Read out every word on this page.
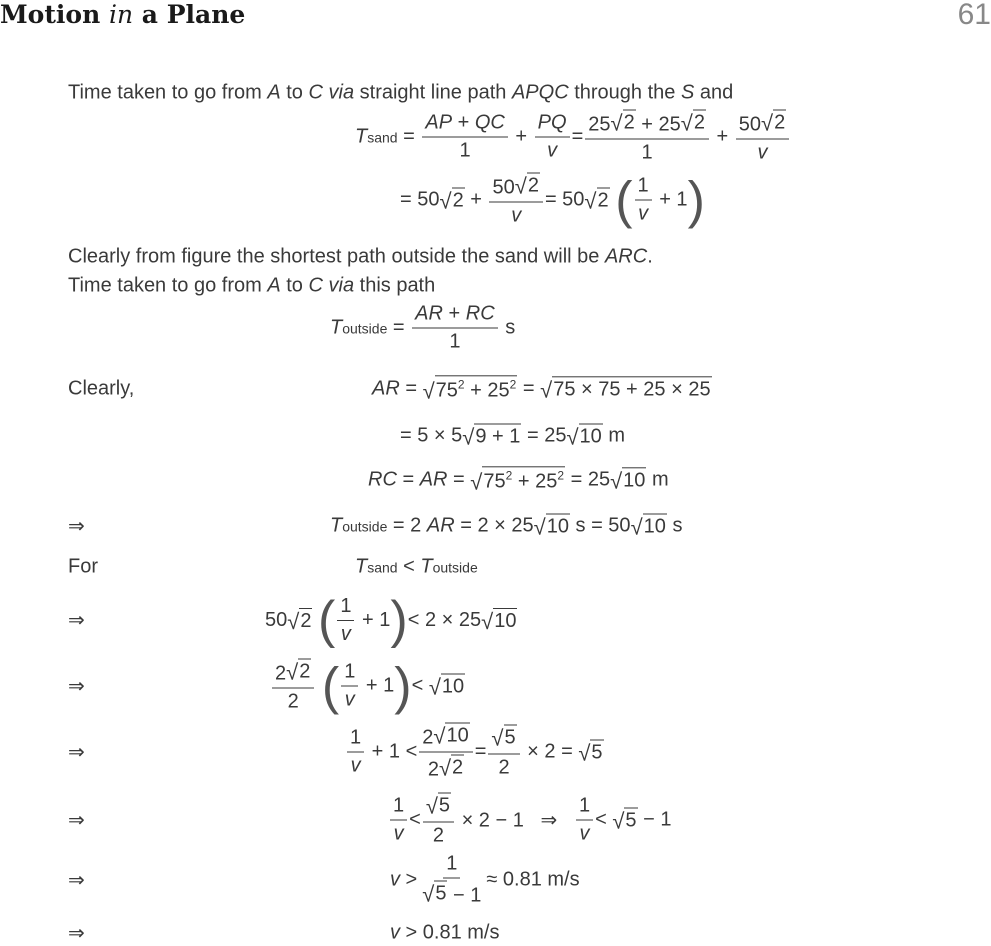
Motion in a Plane	61
Time taken to go from A to C
via straight line path APQC through the S and
T sand = $\frac{AP + QC}{1} + \frac{PQ}{v} = \frac{25 √ 2 + 25 √ 2}{1} + \frac{50 √ 2}{v}$
= 50 √ $2 + \frac{50 √ 2}{v} = 50$ √ 2
( $\frac{1}{v} + 1$ )
Clearly from figure the shortest path outside the sand will be ARC .
Time taken to go from A to C
via this path
T outside = $\frac{AR + RC}{1}$ s
Clearly,	AR = √ $75^2 + 25^2$ = √ 75 × 75 + 25 × 25
= 5 × 5 √ 9 + 1 = 25 √ 10 m
RC = AR = √ $75^2 + 25^2 = 25$ √ 10 m
⇒	T outside = 2 AR = 2 × 25 √ 10 s = 50 √ 10 s
For	T sand < T outside
⇒	50 √ 2
( $\frac{1}{v} + 1$ ) < 2 × 25 √ 10
⇒	$\frac{2 √ 2}{2}$
( $\frac{1}{v} + 1$ ) < √ 10
⇒	$\frac{1}{v} + 1 < \frac{2 √ 10}{2 √ 2} = \frac{√ 5}{2} \times 2$ = √ 5
⇒	$\frac{1}{v} < \frac{√ 5}{2} \times 2 - 1$   ⇒ $\frac{1}{v}$ < √ 5 − 1
⇒	$v > \frac{1}{√ 5 - 1} \approx 0.81$ m/s
⇒	v > 0.81 m/s
